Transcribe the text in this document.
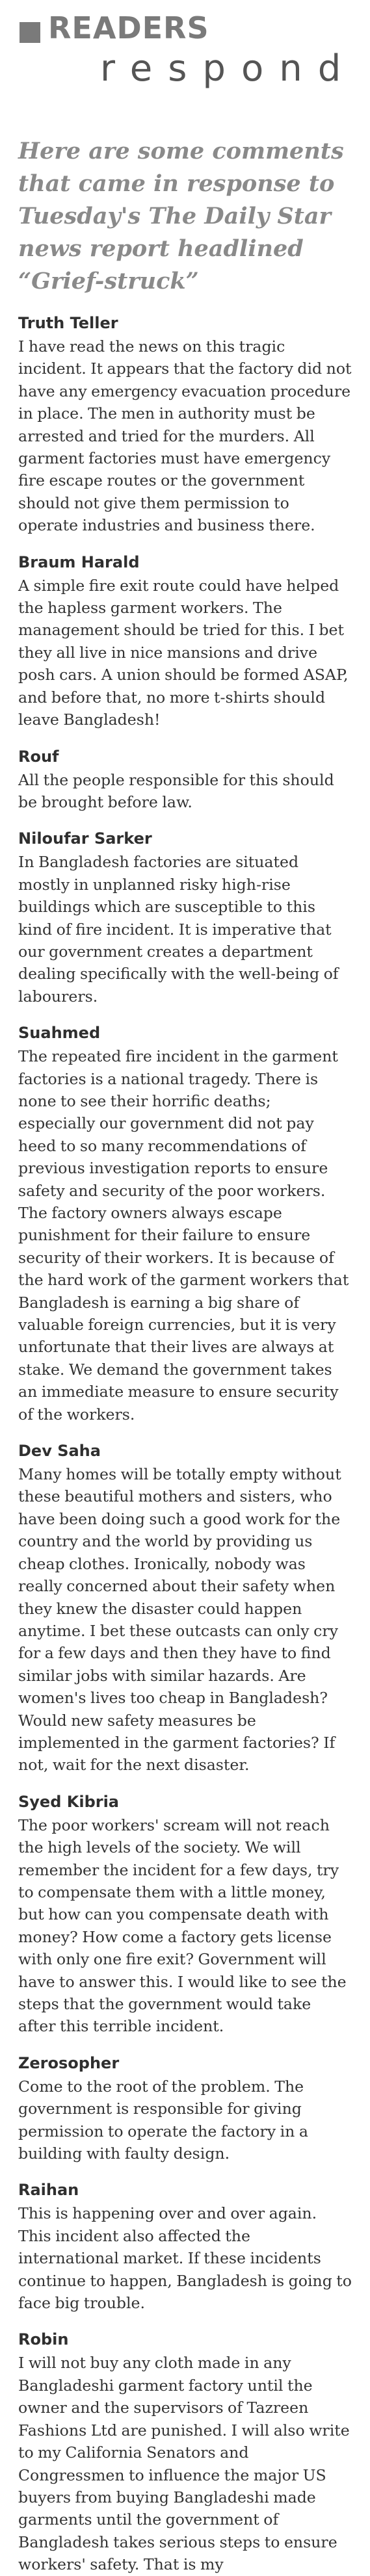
READERS
respond

Here are some comments that came in response to Tuesday's The Daily Star news report headlined “Grief-struck”

Truth Teller

I have read the news on this tragic incident. It appears that the factory did not have any emergency evacuation procedure in place. The men in authority must be arrested and tried for the murders. All garment factories must have emergency fire escape routes or the government should not give them permission to operate industries and business there.

Braum Harald

A simple fire exit route could have helped the hapless garment workers. The management should be tried for this. I bet they all live in nice mansions and drive posh cars. A union should be formed ASAP, and before that, no more t-shirts should leave Bangladesh!

Rouf

All the people responsible for this should be brought before law.

Niloufar Sarker

In Bangladesh factories are situated mostly in unplanned risky high-rise buildings which are susceptible to this kind of fire incident. It is imperative that our government creates a department dealing specifically with the well-being of labourers.

Suahmed

The repeated fire incident in the garment factories is a national tragedy. There is none to see their horrific deaths; especially our government did not pay heed to so many recommendations of previous investigation reports to ensure safety and security of the poor workers. The factory owners always escape punishment for their failure to ensure security of their workers. It is because of the hard work of the garment workers that Bangladesh is earning a big share of valuable foreign currencies, but it is very unfortunate that their lives are always at stake. We demand the government takes an immediate measure to ensure security of the workers.

Dev Saha

Many homes will be totally empty without these beautiful mothers and sisters, who have been doing such a good work for the country and the world by providing us cheap clothes. Ironically, nobody was really concerned about their safety when they knew the disaster could happen anytime. I bet these outcasts can only cry for a few days and then they have to find similar jobs with similar hazards. Are women's lives too cheap in Bangladesh? Would new safety measures be implemented in the garment factories? If not, wait for the next disaster.

Syed Kibria

The poor workers' scream will not reach the high levels of the society. We will remember the incident for a few days, try to compensate them with a little money, but how can you compensate death with money? How come a factory gets license with only one fire exit? Government will have to answer this. I would like to see the steps that the government would take after this terrible incident.

Zerosopher

Come to the root of the problem. The government is responsible for giving permission to operate the factory in a building with faulty design.

Raihan

This is happening over and over again. This incident also affected the international market. If these incidents continue to happen, Bangladesh is going to face big trouble.

Robin

I will not buy any cloth made in any Bangladeshi garment factory until the owner and the supervisors of Tazreen Fashions Ltd are punished. I will also write to my California Senators and Congressmen to influence the major US buyers from buying Bangladeshi made garments until the government of Bangladesh takes serious steps to ensure workers' safety. That is my
